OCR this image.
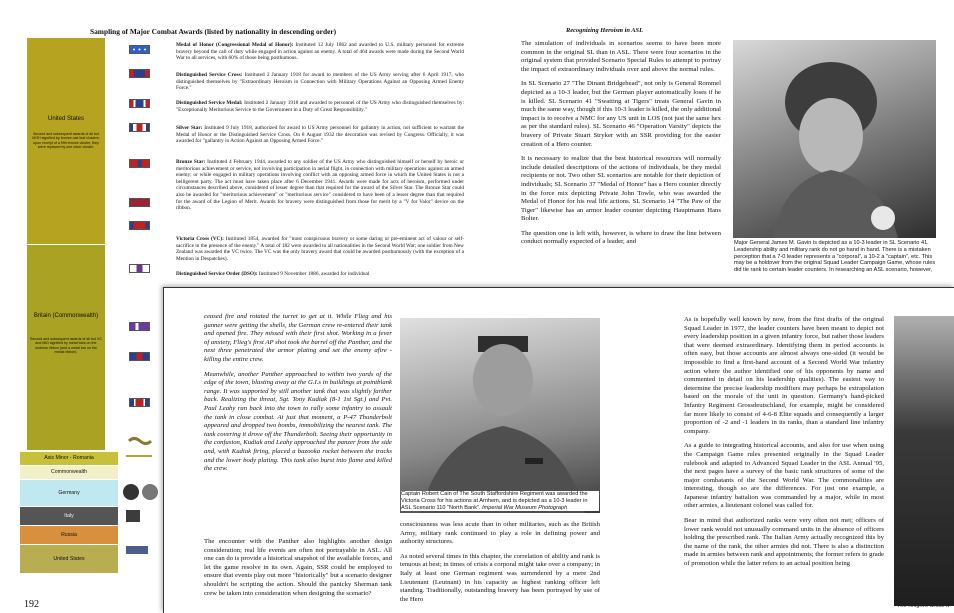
Sampling of Major Combat Awards (listed by nationality in descending order)
United States
Second and subsequent awards of all but MOH signified by bronze oak leaf clusters; upon receipt of a fifth bronze cluster, they were replaced by one silver cluster.
Britain (Commonwealth)
Second and subsequent awards of all but VC and MiD signified by metal bars on the undress ribbon (and a metal bar on the medal ribbon).
Medal of Honor (Congressional Medal of Honor): Instituted 12 July 1862 and awarded to U.S. military personnel for extreme bravery beyond the call of duty while engaged in action against an enemy. A total of 464 awards were made during the Second World War to all services, with 60% of those being posthumous.
Distinguished Service Cross: Instituted 2 January 1918 for award to members of the US Army serving after 6 April 1917, who distinguished themselves by "Extraordinary Heroism in Connection with Military Operations Against an Opposing Armed Enemy Force."
Distinguished Service Medal: Instituted 2 January 1918 and awarded to personnel of the US Army who distinguished themselves by: "Exceptionally Meritorious Service to the Government in a Duty of Great Responsibility."
Silver Star: Instituted 9 July 1918, authorized for award to US Army personnel for gallantry in action, not sufficient to warrant the Medal of Honor or the Distinguished Service Cross. On 8 August 1932 the decoration was revised by Congress. Officially, it was awarded for "gallantry in Action Against an Opposing Armed Force."
Bronze Star: Instituted 4 February 1944, awarded to any soldier of the US Army who distinguished himself or herself by heroic or meritorious achievement or service, not involving participation in aerial flight, in connection with military operations against an armed enemy; or while engaged in military operations involving conflict with an opposing armed force in which the United States is not a belligerent party. The act must have taken place after 6 December 1941. Awards were made for acts of heroism, performed under circumstances described above, considered of lesser degree than that required for the award of the Silver Star. The Bronze Star could also be awarded for "meritorious achievement" or "meritorious service" considered to have been of a lesser degree than that required for the award of the Legion of Merit. Awards for bravery were distinguished from those for merit by a "V for Valor" device on the ribbon.
Victoria Cross (VC): Instituted 1854, awarded for "most conspicuous bravery or some daring or pre-eminent act of valour or self-sacrifice in the presence of the enemy." A total of 182 were awarded to all nationalities in the Second World War; one soldier from New Zealand was awarded the VC twice. The VC was the only bravery award that could be awarded posthumously (with the exception of a Mention in Despatches).
Distinguished Service Order (DSO): Instituted 9 November 1886, awarded for individual
Axis Minor - Romania
Commonwealth
Germany
Italy
Russia
United States
192
Recognizing Heroism in ASL

The simulation of individuals in scenarios seems to have been more common in the original SL than in ASL. There were four scenarios in the original system that provided Scenario Special Rules to attempt to portray the impact of extraordinary individuals over and above the normal rules.

In SL Scenario 27 "The Dinant Bridgehead", not only is General Rommel depicted as a 10-3 leader, but the German player automatically loses if he is killed. SL Scenario 41 "Swatting at Tigers" treats General Gavin in much the same way, though if this 10-3 leader is killed, the only additional impact is to receive a NMC for any US unit in LOS (not just the same hex as per the standard rules). SL Scenario 46 "Operation Varsity" depicts the bravery of Private Stuart Stryker with an SSR providing for the easier creation of a Hero counter.

It is necessary to realize that the best historical resources will normally include detailed descriptions of the actions of individuals, be they medal recipients or not. Two other SL scenarios are notable for their depiction of individuals; SL Scenario 37 "Medal of Honor" has a Hero counter directly in the force mix depicting Private John Towle, who was awarded the Medal of Honor for his real life actions. SL Scenario 14 "The Paw of the Tiger" likewise has an armor leader counter depicting Hauptmann Hans Bolter.

The question one is left with, however, is where to draw the line between conduct normally expected of a leader, and	Major General James M. Gavin is depicted as a 10-3 leader in SL Scenario 41. Leadership ability and military rank do not go hand in hand. There is a mistaken perception that a 7-0 leader represents a "corporal", a 10-2 a "captain", etc. This may be a holdover from the original Squad Leader Campaign Game, whose rules did tie rank to certain leader counters. In researching an ASL scenario, however,

ceased fire and rotated the turret to get at it. While Flieg and his gunner were getting the shells, the German crew re-entered their tank and opened fire. They missed with their first shot. Working in a fever of anxiety, Flieg's first AP shot took the barrel off the Panther, and the next three penetrated the armor plating and set the enemy afire - killing the entire crew.

Meanwhile, another Panther approached to within two yards of the edge of the town, blasting away at the G.I.s in buildings at pointblank range. It was supported by still another tank that was slightly farther back. Realizing the threat, Sgt. Tony Kudiak (8-1 1st Sgt.) and Pvt. Paul Leahy ran back into the town to rally some infantry to assault the tank in close combat. At just that moment, a P-47 Thunderbolt appeared and dropped two bombs, immobilizing the nearest tank. The tank covering it drove off the Thunderbolt. Seeing their opportunity in the confusion, Kudiak and Leahy approached the panzer from the side and, with Kudiak firing, placed a bazooka rocket between the tracks and the lower body plating. This tank also burst into flame and killed the crew.

The encounter with the Panther also highlights another design consideration; real life events are often not portrayable in ASL. All one can do is provide a historical snapshot of the available forces, and let the game resolve in its own. Again, SSR could be employed to ensure that events play out more "historically" but a scenario designer shouldn't be scripting the action. Should the panicky Sherman tank crew be taken into consideration when designing the scenario?

Captain Robert Cain of The South Staffordshire Regiment was awarded the Victoria Cross for his actions at Arnhem, and is depicted as a 10-3 leader in ASL Scenario 110 "North Bank". Imperial War Museum Photograph

consciousness was less acute than in other militaries, such as the British Army, military rank continued to play a role in defining power and authority structures.

As noted several times in this chapter, the correlation of ability and rank is tenuous at best; in times of crisis a corporal might take over a company; in Italy at least one German regiment was surrendered by a mere 2nd Lieutenant (Leutnant) in his capacity as highest ranking officer left standing. Traditionally, outstanding bravery has been portrayed by use of the Hero

As is hopefully well known by now, from the first drafts of the original Squad Leader in 1977, the leader counters have been meant to depict not every leadership position in a given infantry force, but rather those leaders that were deemed extraordinary. Identifying them in period accounts is often easy, but those accounts are almost always one-sided (it would be impossible to find a first-hand account of a Second World War infantry action where the author identified one of his opponents by name and commented in detail on his leadership qualities). The easiest way to determine the precise leadership modifiers may perhaps be extrapolation based on the morale of the unit in question. Germany's hand-picked Infantry Regiment Grossdeutschland, for example, might be considered far more likely to consist of 4-6-8 Elite squads and consequently a larger proportion of -2 and -1 leaders in its ranks, than a standard line infantry company.

As a guide to integrating historical accounts, and also for use when using the Campaign Game rules presented originally in the Squad Leader rulebook and adapted to Advanced Squad Leader in the ASL Annual '95, the next pages have a survey of the basic rank structures of some of the major combatants of the Second World War. The commonalities are interesting, though so are the differences. For just one example, a Japanese infantry battalion was commanded by a major, while in most other armies, a lieutenant colonel was called for.

Bear in mind that authorized ranks were very often not met; officers of lower rank would not unusually command units in the absence of officers holding the prescribed rank. The Italian Army actually recognized this by the name of the rank, the other armies did not. There is also a distinction made in armies between rank and appointments; the former refers to grade of promotion while the latter refers to an actual position being

The Knight's Cross w
